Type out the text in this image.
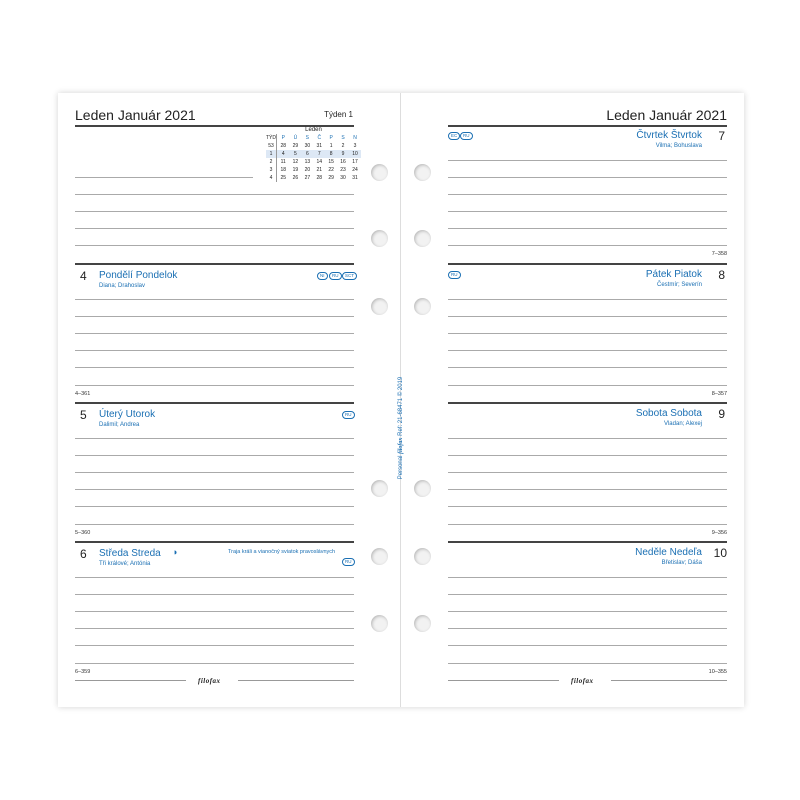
Leden Január 2021	Týden 1
Leden
TÝD	P	Ú	S	Č	P	S	N
53	28	29	30	31	1	2	3
1	4	5	6	7	8	9	10
2	11	12	13	14	15	16	17
3	18	19	20	21	22	23	24
4	25	26	27	28	29	30	31
4 Pondělí Pondelok
Diana; Drahoslav
NI	RU	SCT
4–361
5 Úterý Utorok
Dalimil; Andrea
RU
5–360
6 Středa Streda ◑
Tři králové; Antónia
Traja králi a vianočný sviatok pravoslávnych
RU
6–359
filofax
Personal filofax Ref: 21-68471 © 2019
Leden Január 2021
EC	RU	Čtvrtek Štvrtok 7
Vilma; Bohuslava
7–358
RU	Pátek Piatok 8
Čestmír; Severín
8–357
Sobota Sobota 9
Vladan; Alexej
9–356
Neděle Nedeľa 10
Břetislav; Dáša
10–355
filofax
